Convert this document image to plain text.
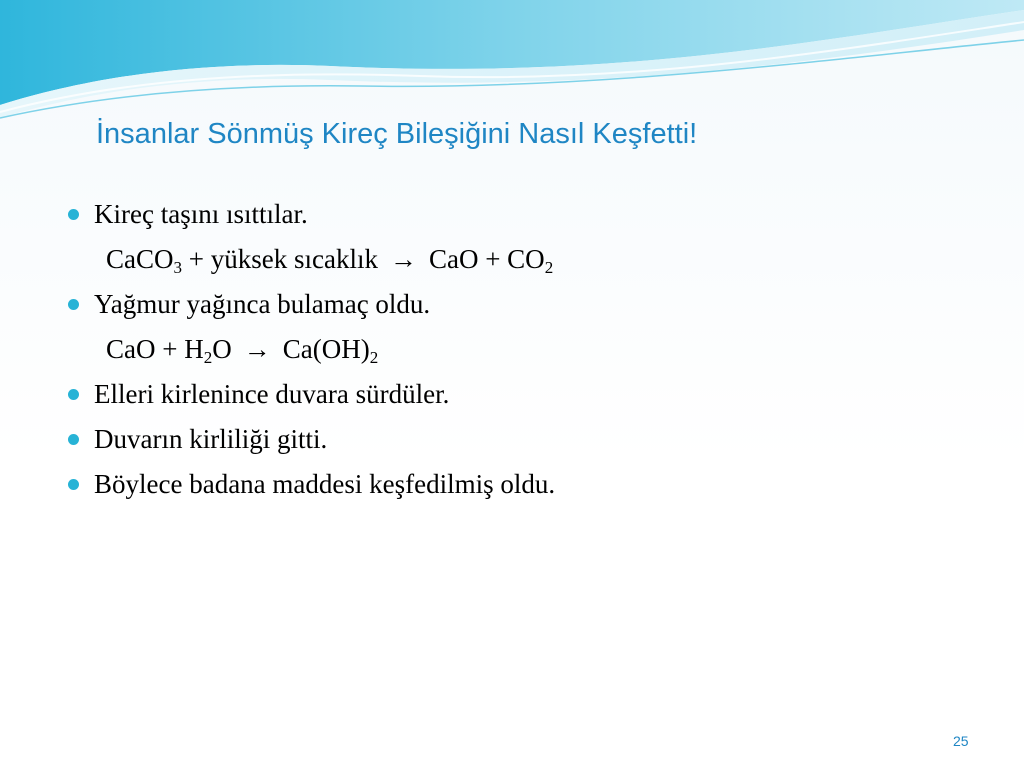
İnsanlar Sönmüş Kireç Bileşiğini Nasıl Keşfetti!
Kireç taşını ısıttılar.
CaCO$_3$ + yüksek sıcaklık → CaO + $CO_2$
Yağmur yağınca bulamaç oldu.
CaO + $H_2O \to Ca(OH)_2$
Elleri kirlenince duvara sürdüler.
Duvarın kirliliği gitti.
Böylece badana maddesi keşfedilmiş oldu.
25
